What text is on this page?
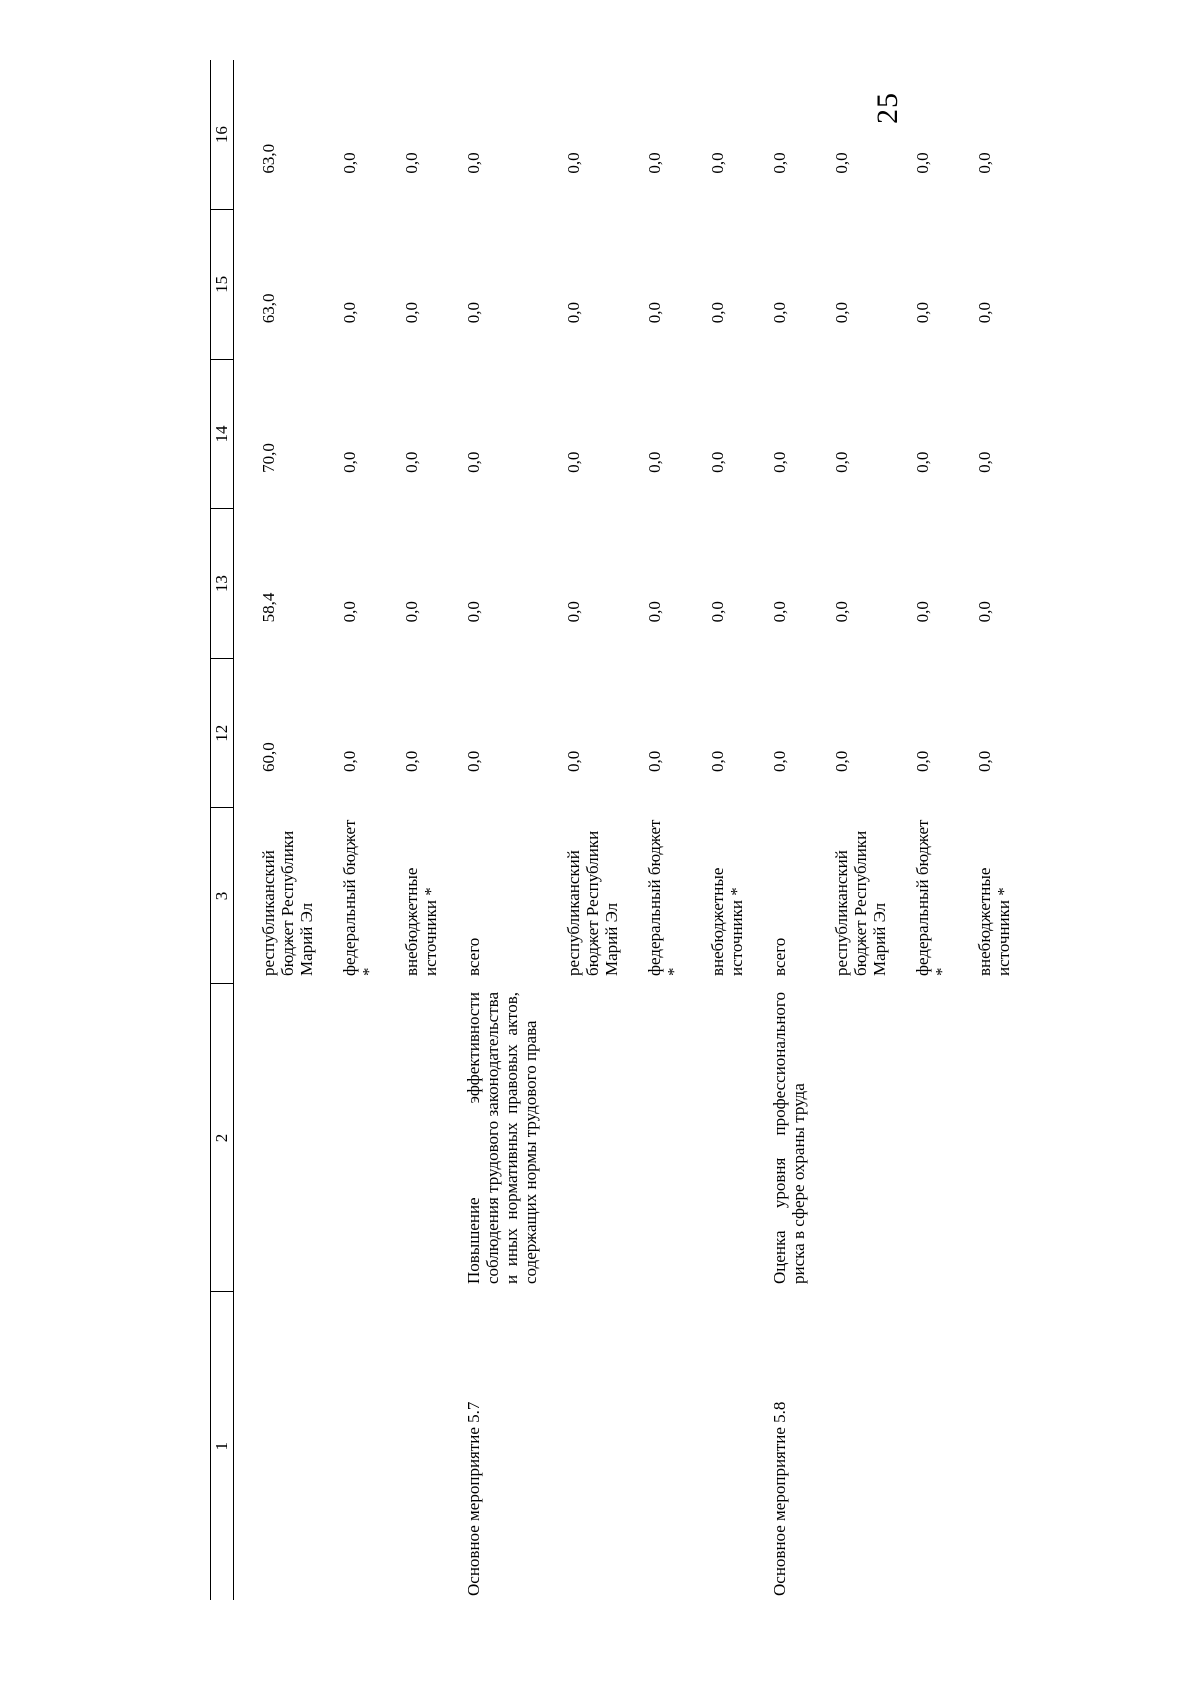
25
1	2	3	12	13	14	15	16
		республиканский бюджет Республики Марий Эл	60,0	58,4	70,0	63,0	63,0
		федеральный бюджет *	0,0	0,0	0,0	0,0	0,0
		внебюджетные источники *	0,0	0,0	0,0	0,0	0,0
Основное мероприятие 5.7	Повышение эффективности соблюдения трудового законодательства и иных нормативных правовых актов, содержащих нормы трудового права	всего	0,0	0,0	0,0	0,0	0,0
		республиканский бюджет Республики Марий Эл	0,0	0,0	0,0	0,0	0,0
		федеральный бюджет *	0,0	0,0	0,0	0,0	0,0
		внебюджетные источники *	0,0	0,0	0,0	0,0	0,0
Основное мероприятие 5.8	Оценка уровня профессионального риска в сфере охраны труда	всего	0,0	0,0	0,0	0,0	0,0
		республиканский бюджет Республики Марий Эл	0,0	0,0	0,0	0,0	0,0
		федеральный бюджет *	0,0	0,0	0,0	0,0	0,0
		внебюджетные источники *	0,0	0,0	0,0	0,0	0,0
